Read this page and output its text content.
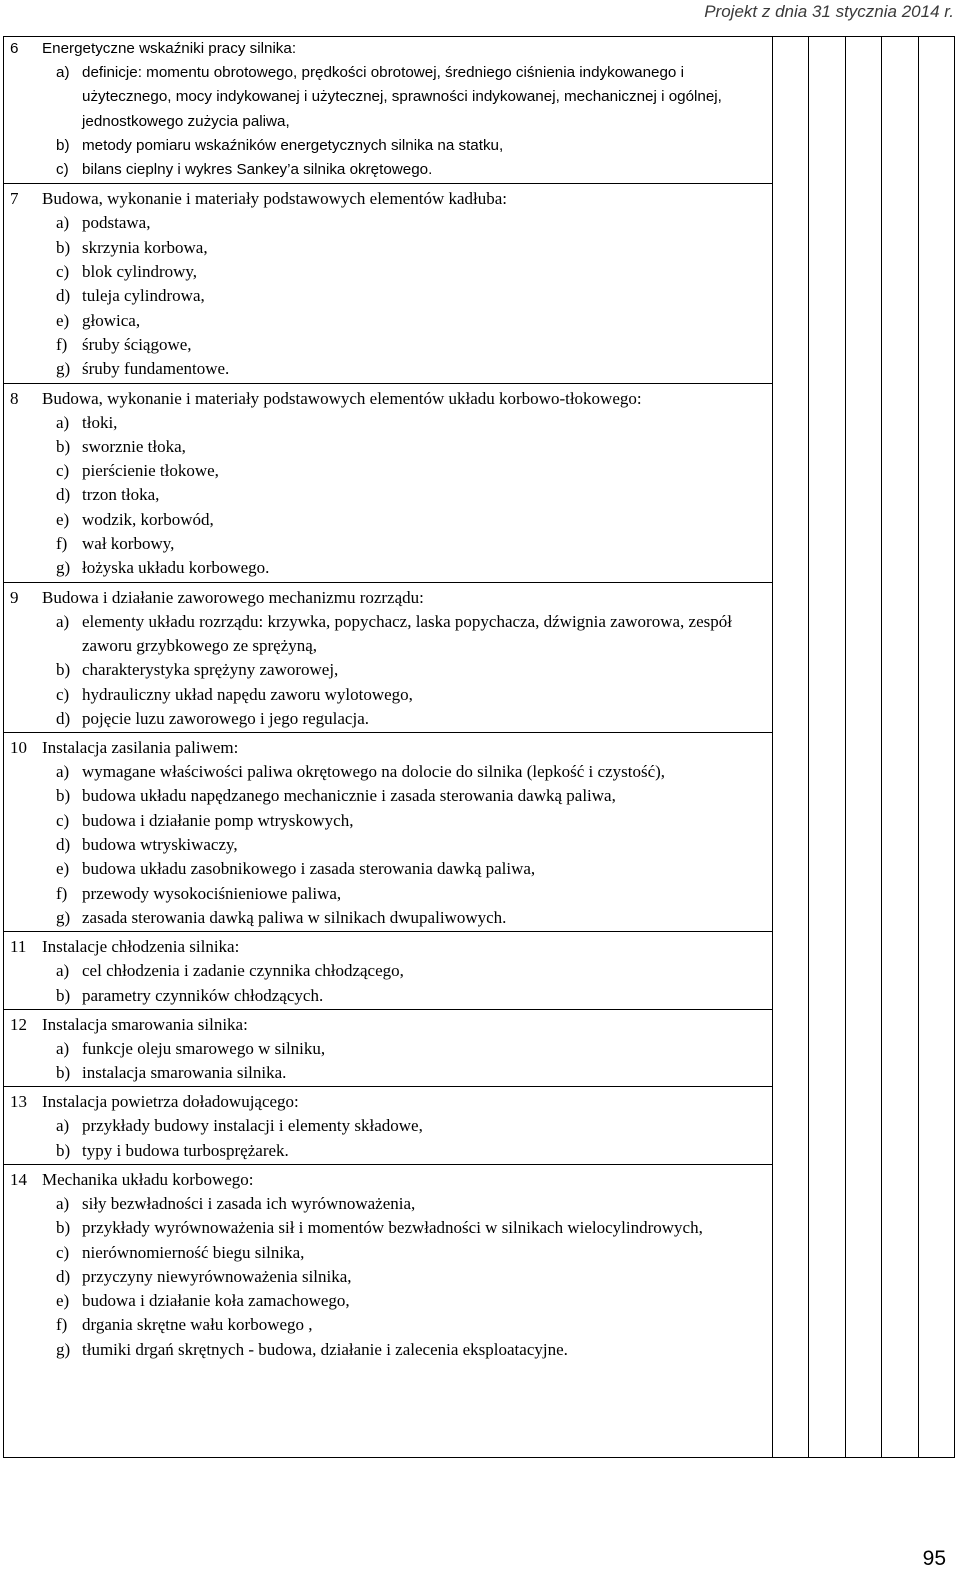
Projekt z dnia 31 stycznia 2014 r.
6	Energetyczne wskaźniki pracy silnika:
a) definicje: momentu obrotowego, prędkości obrotowej, średniego ciśnienia indykowanego i użytecznego, mocy indykowanej i użytecznej, sprawności indykowanej, mechanicznej i ogólnej, jednostkowego zużycia paliwa,
b) metody pomiaru wskaźników energetycznych silnika na statku,
c) bilans cieplny i wykres Sankey’a silnika okrętowego.
7	Budowa, wykonanie i materiały podstawowych elementów kadłuba:
a) podstawa,
b) skrzynia korbowa,
c) blok cylindrowy,
d) tuleja cylindrowa,
e) głowica,
f) śruby ściągowe,
g) śruby fundamentowe.
8	Budowa, wykonanie i materiały podstawowych elementów układu korbowo-tłokowego:
a) tłoki,
b) sworznie tłoka,
c) pierścienie tłokowe,
d) trzon tłoka,
e) wodzik, korbowód,
f) wał korbowy,
g) łożyska układu korbowego.
9	Budowa i działanie zaworowego mechanizmu rozrządu:
a) elementy układu rozrządu: krzywka, popychacz, laska popychacza, dźwignia zaworowa, zespół zaworu grzybkowego ze sprężyną,
b) charakterystyka sprężyny zaworowej,
c) hydrauliczny układ napędu zaworu wylotowego,
d) pojęcie luzu zaworowego i jego regulacja.
10 Instalacja zasilania paliwem:
a) wymagane właściwości paliwa okrętowego na dolocie do silnika (lepkość i czystość),
b) budowa układu napędzanego mechanicznie i zasada sterowania dawką paliwa,
c) budowa i działanie pomp wtryskowych,
d) budowa wtryskiwaczy,
e) budowa układu zasobnikowego i zasada sterowania dawką paliwa,
f) przewody wysokociśnieniowe paliwa,
g) zasada sterowania dawką paliwa w silnikach dwupaliwowych.
11 Instalacje chłodzenia silnika:
a) cel chłodzenia i zadanie czynnika chłodzącego,
b) parametry czynników chłodzących.
12 Instalacja smarowania silnika:
a) funkcje oleju smarowego w silniku,
b) instalacja smarowania silnika.
13 Instalacja powietrza doładowującego:
a) przykłady budowy instalacji i elementy składowe,
b) typy i budowa turbosprężarek.
14 Mechanika układu korbowego:
a) siły bezwładności i zasada ich wyrównoważenia,
b) przykłady wyrównoważenia sił i momentów bezwładności w silnikach wielocylindrowych,
c) nierównomierność biegu silnika,
d) przyczyny niewyrównoważenia silnika,
e) budowa i działanie koła zamachowego,
f) drgania skrętne wału korbowego ,
g) tłumiki drgań skrętnych - budowa, działanie i zalecenia eksploatacyjne.

95
